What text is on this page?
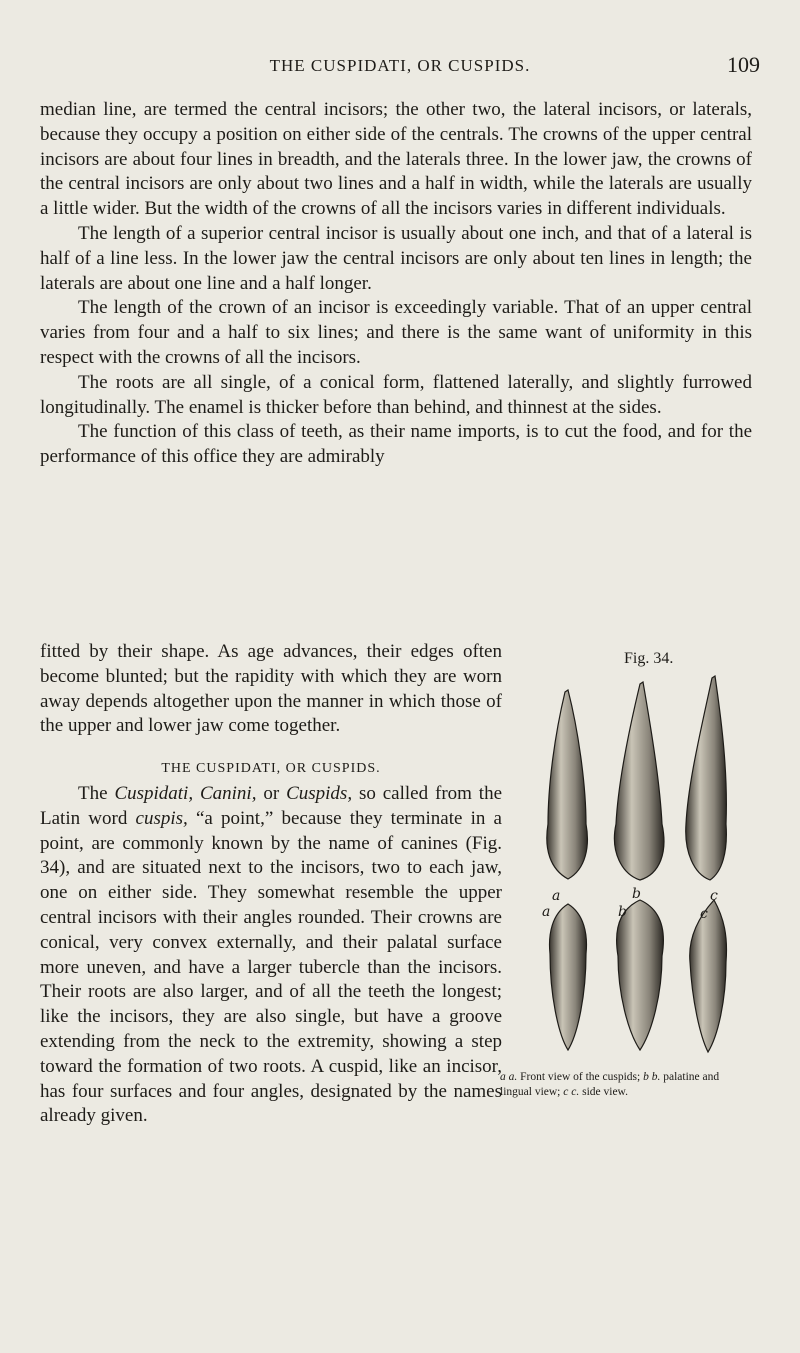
THE CUSPIDATI, OR CUSPIDS.	109

median line, are termed the central incisors; the other two, the lateral incisors, or laterals, because they occupy a position on either side of the centrals. The crowns of the upper central incisors are about four lines in breadth, and the laterals three. In the lower jaw, the crowns of the central incisors are only about two lines and a half in width, while the laterals are usually a little wider. But the width of the crowns of all the incisors varies in different individuals.

The length of a superior central incisor is usually about one inch, and that of a lateral is half of a line less. In the lower jaw the central incisors are only about ten lines in length; the laterals are about one line and a half longer.

The length of the crown of an incisor is exceedingly variable. That of an upper central varies from four and a half to six lines; and there is the same want of uniformity in this respect with the crowns of all the incisors.

The roots are all single, of a conical form, flattened laterally, and slightly furrowed longitudinally. The enamel is thicker before than behind, and thinnest at the sides.

The function of this class of teeth, as their name imports, is to cut the food, and for the performance of this office they are admirably

fitted by their shape. As age advances, their edges often become blunted; but the rapidity with which they are worn away depends altogether upon the manner in which those of the upper and lower jaw come together.

THE CUSPIDATI, OR CUSPIDS.

The Cuspidati, Canini, or Cuspids, so called from the Latin word cuspis, “a point,” because they terminate in a point, are commonly known by the name of canines (Fig. 34), and are situated next to the incisors, two to each jaw, one on either side. They somewhat resemble the upper central incisors with their angles rounded. Their crowns are conical, very convex externally, and their palatal surface more uneven, and have a larger tubercle than the incisors. Their roots are also larger, and of all the teeth the longest; like the incisors, they are also single, but have a groove extending from the neck to the extremity, showing a step toward the formation of two roots. A cuspid, like an incisor, has four surfaces and four angles, designated by the names already given.

Fig. 34.
a	b	c
a	b	c
a a. Front view of the cuspids; b b. palatine and lingual view; c c. side view.
